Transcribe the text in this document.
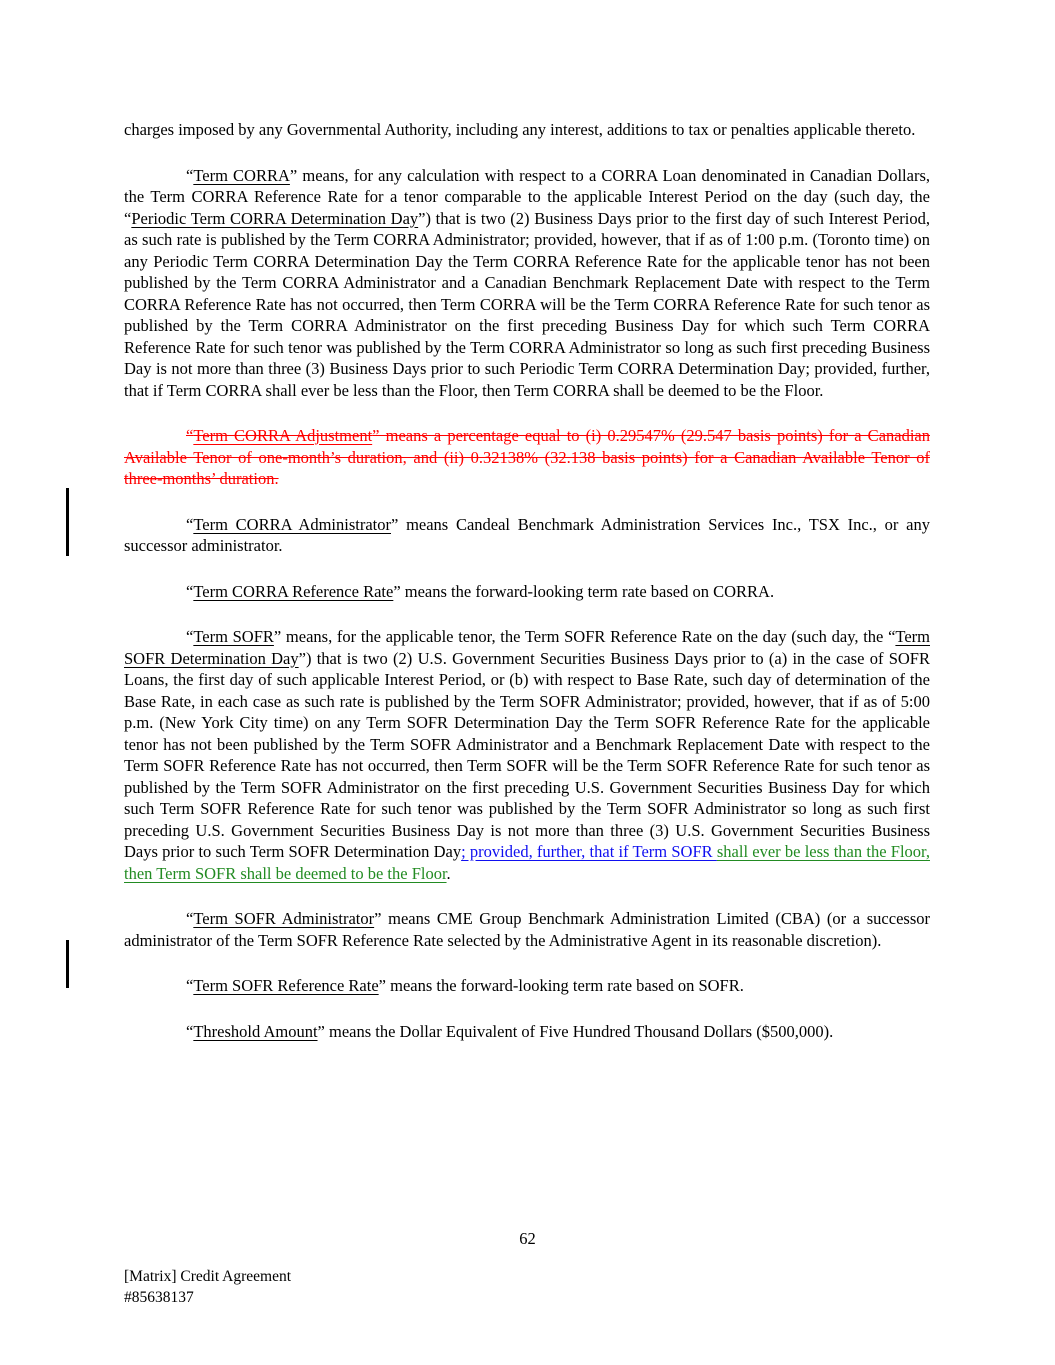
charges imposed by any Governmental Authority, including any interest, additions to tax or penalties applicable thereto.

“Term CORRA” means, for any calculation with respect to a CORRA Loan denominated in Canadian Dollars, the Term CORRA Reference Rate for a tenor comparable to the applicable Interest Period on the day (such day, the “Periodic Term CORRA Determination Day”) that is two (2) Business Days prior to the first day of such Interest Period, as such rate is published by the Term CORRA Administrator; provided, however, that if as of 1:00 p.m. (Toronto time) on any Periodic Term CORRA Determination Day the Term CORRA Reference Rate for the applicable tenor has not been published by the Term CORRA Administrator and a Canadian Benchmark Replacement Date with respect to the Term CORRA Reference Rate has not occurred, then Term CORRA will be the Term CORRA Reference Rate for such tenor as published by the Term CORRA Administrator on the first preceding Business Day for which such Term CORRA Reference Rate for such tenor was published by the Term CORRA Administrator so long as such first preceding Business Day is not more than three (3) Business Days prior to such Periodic Term CORRA Determination Day; provided, further, that if Term CORRA shall ever be less than the Floor, then Term CORRA shall be deemed to be the Floor.

“Term CORRA Adjustment” means a percentage equal to (i) 0.29547% (29.547 basis points) for a Canadian Available Tenor of one-month’s duration, and (ii) 0.32138% (32.138 basis points) for a Canadian Available Tenor of three-months’ duration.

“Term CORRA Administrator” means Candeal Benchmark Administration Services Inc., TSX Inc., or any successor administrator.

“Term CORRA Reference Rate” means the forward-looking term rate based on CORRA.

“Term SOFR” means, for the applicable tenor, the Term SOFR Reference Rate on the day (such day, the “Term SOFR Determination Day”) that is two (2) U.S. Government Securities Business Days prior to (a) in the case of SOFR Loans, the first day of such applicable Interest Period, or (b) with respect to Base Rate, such day of determination of the Base Rate, in each case as such rate is published by the Term SOFR Administrator; provided, however, that if as of 5:00 p.m. (New York City time) on any Term SOFR Determination Day the Term SOFR Reference Rate for the applicable tenor has not been published by the Term SOFR Administrator and a Benchmark Replacement Date with respect to the Term SOFR Reference Rate has not occurred, then Term SOFR will be the Term SOFR Reference Rate for such tenor as published by the Term SOFR Administrator on the first preceding U.S. Government Securities Business Day for which such Term SOFR Reference Rate for such tenor was published by the Term SOFR Administrator so long as such first preceding U.S. Government Securities Business Day is not more than three (3) U.S. Government Securities Business Days prior to such Term SOFR Determination Day; provided, further, that if Term SOFR shall ever be less than the Floor, then Term SOFR shall be deemed to be the Floor.

“Term SOFR Administrator” means CME Group Benchmark Administration Limited (CBA) (or a successor administrator of the Term SOFR Reference Rate selected by the Administrative Agent in its reasonable discretion).

“Term SOFR Reference Rate” means the forward-looking term rate based on SOFR.

“Threshold Amount” means the Dollar Equivalent of Five Hundred Thousand Dollars ($500,000).

62
[Matrix] Credit Agreement
#85638137
